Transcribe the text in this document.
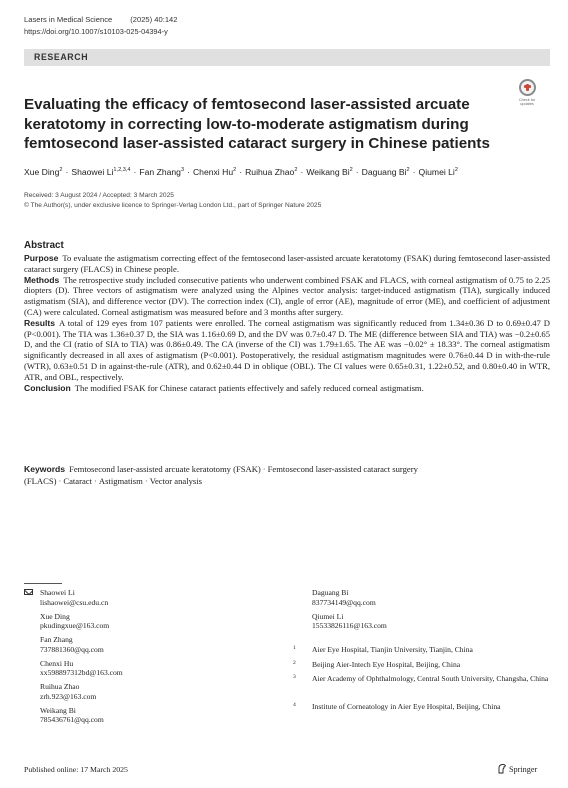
Lasers in Medical Science (2025) 40:142
https://doi.org/10.1007/s10103-025-04394-y
RESEARCH
Check for updates
Evaluating the efficacy of femtosecond laser-assisted arcuate keratotomy in correcting low-to-moderate astigmatism during femtosecond laser-assisted cataract surgery in Chinese patients
Xue Ding$^2$ · Shaowei Li$^{1,2,3,4}$ · Fan Zhang$^3$ · Chenxi $Hu^2$ · Ruihua Zhao$^2$ · Weikang $Bi^2$ · Daguang $Bi^2$ · Qiumei Li$^2$
Received: 3 August 2024 / Accepted: 3 March 2025
© The Author(s), under exclusive licence to Springer-Verlag London Ltd., part of Springer Nature 2025
Abstract

Purpose To evaluate the astigmatism correcting effect of the femtosecond laser-assisted arcuate keratotomy (FSAK) during femtosecond laser-assisted cataract surgery (FLACS) in Chinese people.

Methods The retrospective study included consecutive patients who underwent combined FSAK and FLACS, with corneal astigmatism of 0.75 to 2.25 diopters (D). Three vectors of astigmatism were analyzed using the Alpines vector analysis: target-induced astigmatism (TIA), surgically induced astigmatism (SIA), and difference vector (DV). The correction index (CI), angle of error (AE), magnitude of error (ME), and coefficient of adjustment (CA) were calculated. Corneal astigmatism was measured before and 3 months after surgery.

Results A total of 129 eyes from 107 patients were enrolled. The corneal astigmatism was significantly reduced from 1.34±0.36 D to 0.69±0.47 D (P<0.001). The TIA was 1.36±0.37 D, the SIA was 1.16±0.69 D, and the DV was 0.7±0.47 D. The ME (difference between SIA and TIA) was −0.2±0.65 D, and the CI (ratio of SIA to TIA) was 0.86±0.49. The CA (inverse of the CI) was 1.79±1.65. The AE was −0.02° ± 18.33°. The corneal astigmatism significantly decreased in all axes of astigmatism (P<0.001). Postoperatively, the residual astigmatism magnitudes were 0.76±0.44 D in with-the-rule (WTR), 0.63±0.51 D in against-the-rule (ATR), and 0.62±0.44 D in oblique (OBL). The CI values were 0.65±0.31, 1.22±0.52, and 0.80±0.40 in WTR, ATR, and OBL, respectively.

Conclusion The modified FSAK for Chinese cataract patients effectively and safely reduced corneal astigmatism.

Keywords Femtosecond laser-assisted arcuate keratotomy (FSAK) · Femtosecond laser-assisted cataract surgery (FLACS) · Cataract · Astigmatism · Vector analysis
Shaowei Li
lishaowei@csu.edu.cn
Xue Ding
pkudingxue@163.com
Fan Zhang
737881360@qq.com
Chenxi Hu
xx598897312bd@163.com
Ruihua Zhao
zrh.923@163.com
Weikang Bi
785436761@qq.com
Daguang Bi
837734149@qq.com
Qiumei Li
15533826116@163.com
1	Aier Eye Hospital, Tianjin University, Tianjin, China
2	Beijing Aier-Intech Eye Hospital, Beijing, China
3	Aier Academy of Ophthalmology, Central South University, Changsha, China
4	Institute of Corneatology in Aier Eye Hospital, Beijing, China
Published online: 17 March 2025	Springer
